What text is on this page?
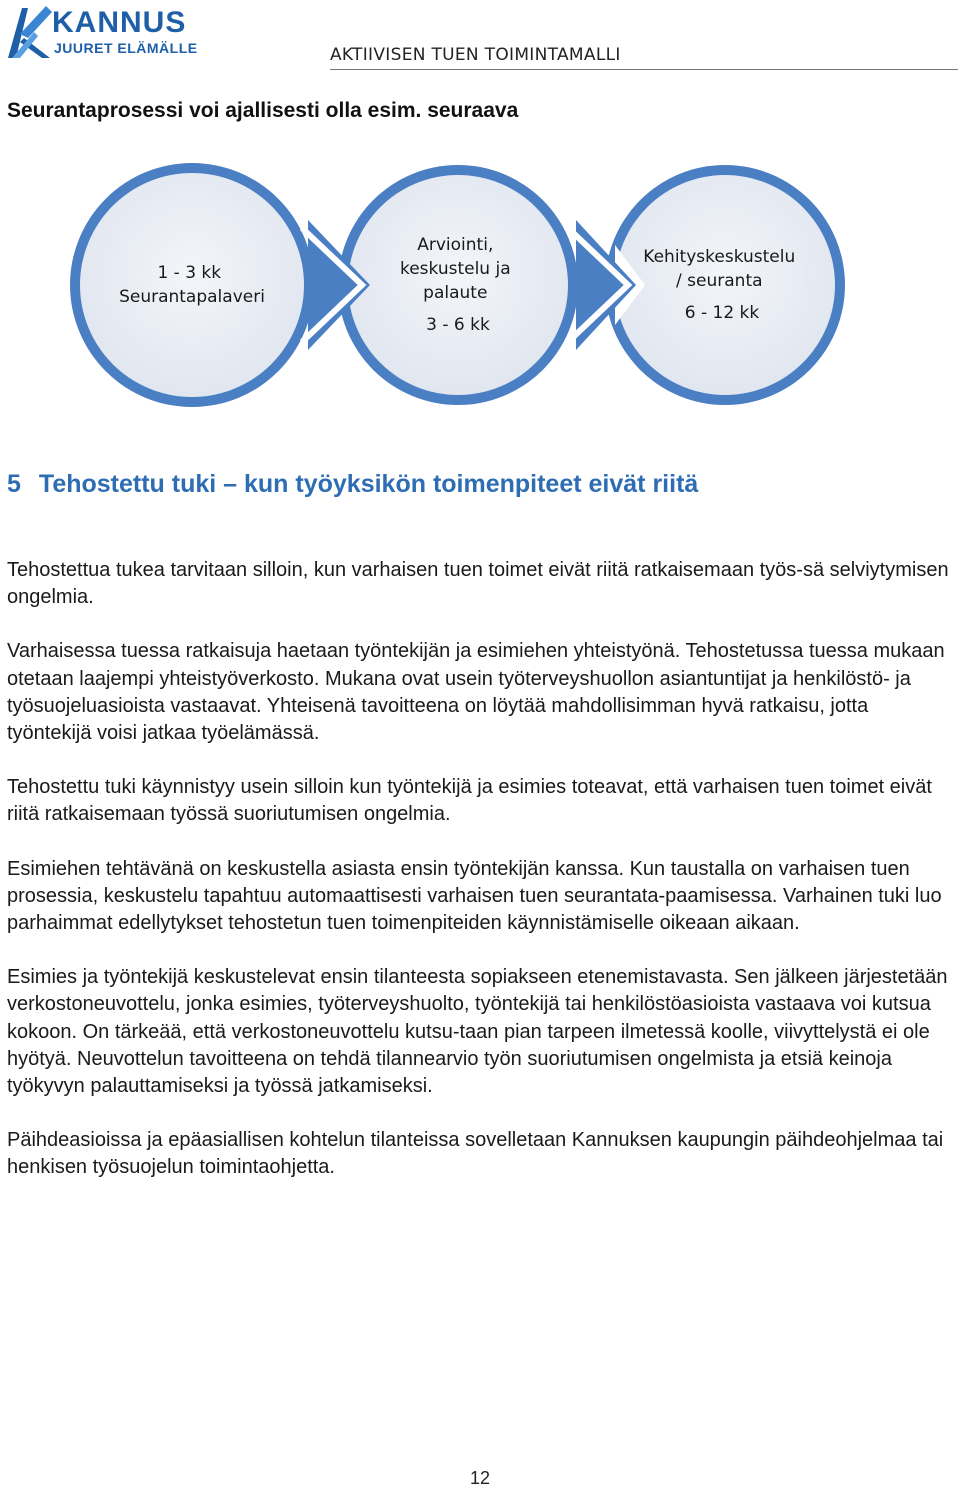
KANNUS
JUURET ELÄMÄLLE	AKTIIVISEN TUEN TOIMINTAMALLI
Seurantaprosessi voi ajallisesti olla esim. seuraava
1 - 3 kk Seurantapalaveri
Arviointi, keskustelu ja palaute 3 - 6 kk
Kehityskeskustelu / seuranta 6 - 12 kk
5 Tehostettu tuki – kun työyksikön toimenpiteet eivät riitä

Tehostettua tukea tarvitaan silloin, kun varhaisen tuen toimet eivät riitä ratkaisemaan työs-sä selviytymisen ongelmia.

Varhaisessa tuessa ratkaisuja haetaan työntekijän ja esimiehen yhteistyönä. Tehostetussa tuessa mukaan otetaan laajempi yhteistyöverkosto. Mukana ovat usein työterveyshuollon asiantuntijat ja henkilöstö- ja työsuojeluasioista vastaavat. Yhteisenä tavoitteena on löytää mahdollisimman hyvä ratkaisu, jotta työntekijä voisi jatkaa työelämässä.

Tehostettu tuki käynnistyy usein silloin kun työntekijä ja esimies toteavat, että varhaisen tuen toimet eivät riitä ratkaisemaan työssä suoriutumisen ongelmia.

Esimiehen tehtävänä on keskustella asiasta ensin työntekijän kanssa. Kun taustalla on varhaisen tuen prosessia, keskustelu tapahtuu automaattisesti varhaisen tuen seurantata-paamisessa. Varhainen tuki luo parhaimmat edellytykset tehostetun tuen toimenpiteiden käynnistämiselle oikeaan aikaan.

Esimies ja työntekijä keskustelevat ensin tilanteesta sopiakseen etenemistavasta. Sen jälkeen järjestetään verkostoneuvottelu, jonka esimies, työterveyshuolto, työntekijä tai henkilöstöasioista vastaava voi kutsua kokoon. On tärkeää, että verkostoneuvottelu kutsu-taan pian tarpeen ilmetessä koolle, viivyttelystä ei ole hyötyä. Neuvottelun tavoitteena on tehdä tilannearvio työn suoriutumisen ongelmista ja etsiä keinoja työkyvyn palauttamiseksi ja työssä jatkamiseksi.

Päihdeasioissa ja epäasiallisen kohtelun tilanteissa sovelletaan Kannuksen kaupungin päihdeohjelmaa tai henkisen työsuojelun toimintaohjetta.

12
